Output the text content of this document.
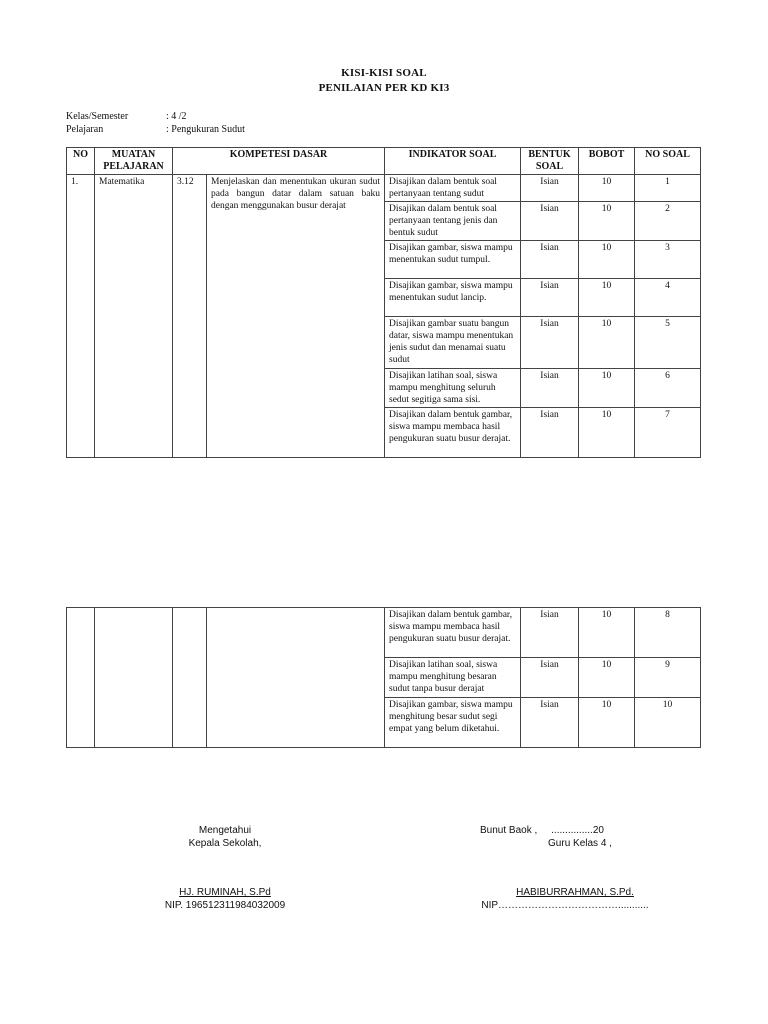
KISI-KISI SOAL
PENILAIAN PER KD KI3
Kelas/Semester	: 4 /2
Pelajaran	: Pengukuran Sudut
NO	MUATAN PELAJARAN	KOMPETESI DASAR		INDIKATOR SOAL	BENTUK SOAL	BOBOT	NO SOAL
1.	Matematika	3.12	Menjelaskan dan menentukan ukuran sudut pada bangun datar dalam satuan baku dengan menggunakan busur derajat	Disajikan dalam bentuk soal pertanyaan tentang sudut	Isian	10	1
				Disajikan dalam bentuk soal pertanyaan tentang jenis dan bentuk sudut	Isian	10	2
				Disajikan gambar, siswa mampu menentukan sudut tumpul.	Isian	10	3
				Disajikan gambar, siswa mampu menentukan sudut lancip.	Isian	10	4
				Disajikan gambar suatu bangun datar, siswa mampu menentukan jenis sudut dan menamai suatu sudut	Isian	10	5
				Disajikan latihan soal, siswa mampu menghitung seluruh sedut segitiga sama sisi.	Isian	10	6
				Disajikan dalam bentuk gambar, siswa mampu membaca hasil pengukuran suatu busur derajat.	Isian	10	7
				Disajikan dalam bentuk gambar, siswa mampu membaca hasil pengukuran suatu busur derajat.	Isian	10	8
				Disajikan latihan soal, siswa mampu menghitung besaran sudut tanpa busur derajat	Isian	10	9
				Disajikan gambar, siswa mampu menghitung besar sudut segi empat yang belum diketahui.	Isian	10	10
Mengetahui
Kepala Sekolah,
HJ. RUMINAH, S.Pd
NIP. 196512311984032009
Bunut Baok ,     ...............20
Guru Kelas 4 ,
HABIBURRAHMAN, S.Pd.
NIP………………………………...........
